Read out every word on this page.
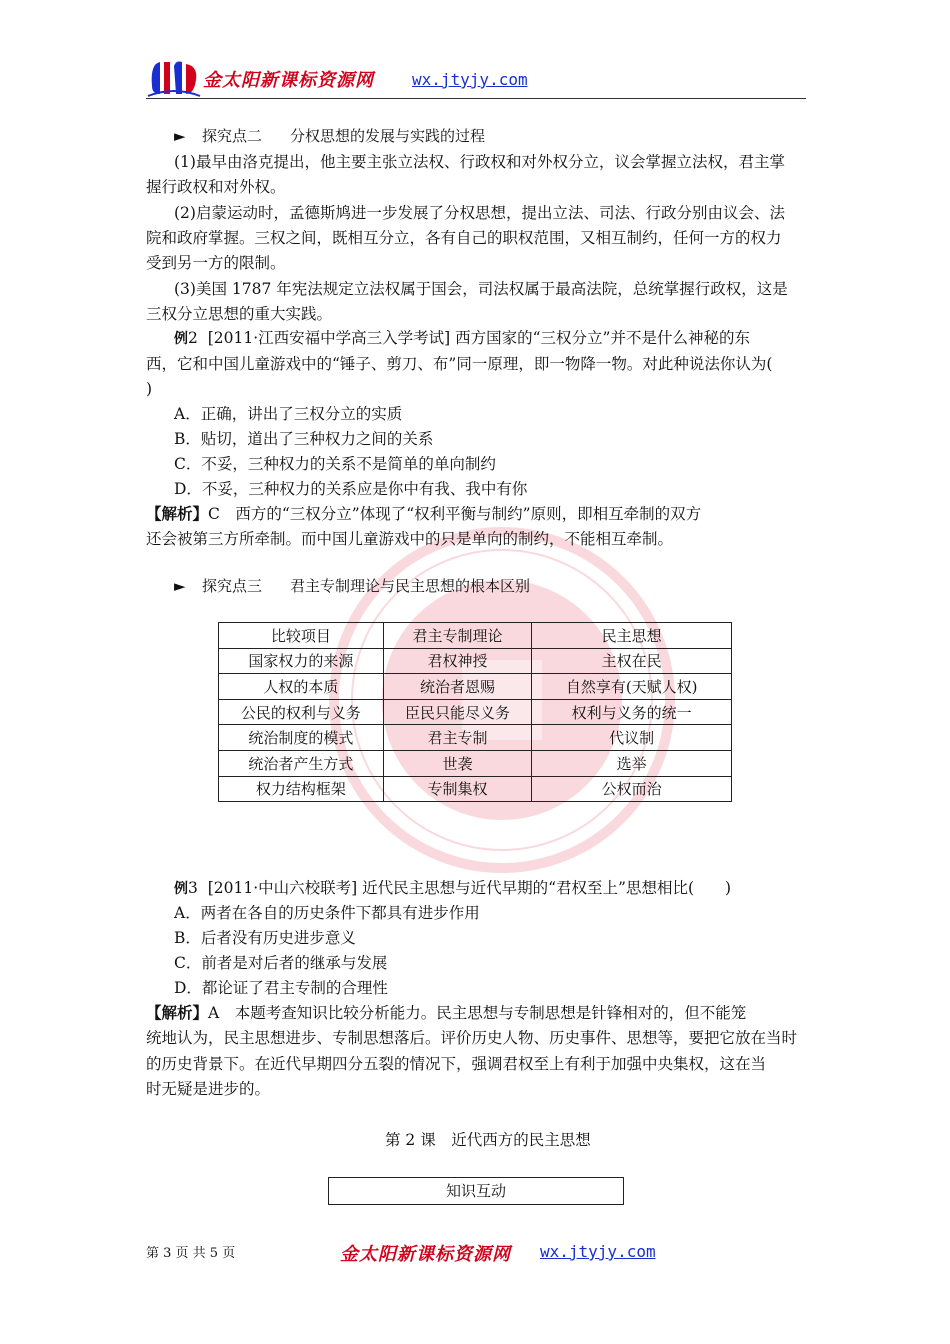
金太阳新课标资源网 wx.jtyjy.com
► 探究点二 分权思想的发展与实践的过程
(1)最早由洛克提出，他主要主张立法权、行政权和对外权分立，议会掌握立法权，君主掌
握行政权和对外权。
(2)启蒙运动时，孟德斯鸠进一步发展了分权思想，提出立法、司法、行政分别由议会、法
院和政府掌握。三权之间，既相互分立，各有自己的职权范围，又相互制约，任何一方的权力
受到另一方的限制。
(3)美国 1787 年宪法规定立法权属于国会，司法权属于最高法院，总统掌握行政权，这是
三权分立思想的重大实践。
例2 [2011·江西安福中学高三入学考试] 西方国家的“三权分立”并不是什么神秘的东
西，它和中国儿童游戏中的“锤子、剪刀、布”同一原理，即一物降一物。对此种说法你认为(
)
A．正确，讲出了三权分立的实质
B．贴切，道出了三种权力之间的关系
C．不妥，三种权力的关系不是简单的单向制约
D．不妥，三种权力的关系应是你中有我、我中有你
【解析】C　西方的“三权分立”体现了“权利平衡与制约”原则，即相互牵制的双方
还会被第三方所牵制。而中国儿童游戏中的只是单向的制约，不能相互牵制。
► 探究点三 君主专制理论与民主思想的根本区别
比较项目	君主专制理论	民主思想
国家权力的来源	君权神授	主权在民
人权的本质	统治者恩赐	自然享有(天赋人权)
公民的权利与义务	臣民只能尽义务	权利与义务的统一
统治制度的模式	君主专制	代议制
统治者产生方式	世袭	选举
权力结构框架	专制集权	公权而治
例3 [2011·中山六校联考] 近代民主思想与近代早期的“君权至上”思想相比(　　)
A．两者在各自的历史条件下都具有进步作用
B．后者没有历史进步意义
C．前者是对后者的继承与发展
D．都论证了君主专制的合理性
【解析】A　本题考查知识比较分析能力。民主思想与专制思想是针锋相对的，但不能笼
统地认为，民主思想进步、专制思想落后。评价历史人物、历史事件、思想等，要把它放在当时
的历史背景下。在近代早期四分五裂的情况下，强调君权至上有利于加强中央集权，这在当
时无疑是进步的。
第 2 课　近代西方的民主思想
知识互动
第 3 页 共 5 页	金太阳新课标资源网 wx.jtyjy.com
